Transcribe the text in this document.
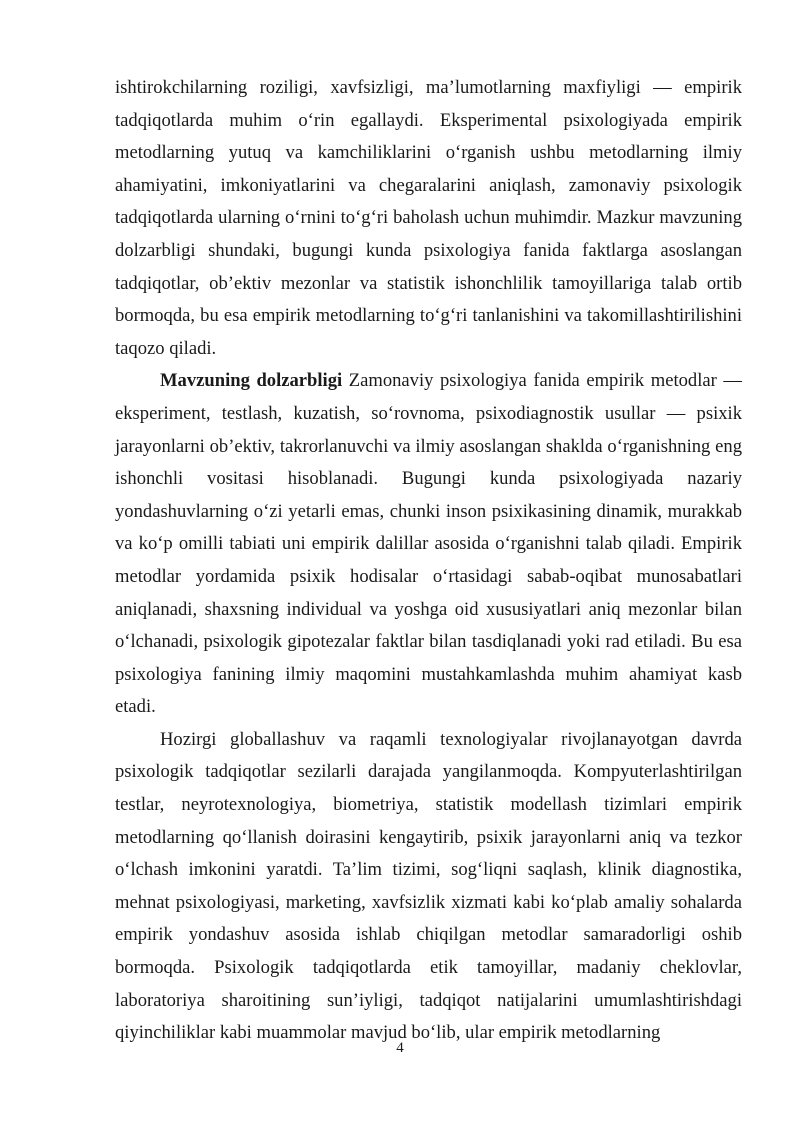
ishtirokchilarning roziligi, xavfsizligi, ma’lumotlarning maxfiyligi — empirik tadqiqotlarda muhim o‘rin egallaydi. Eksperimental psixologiyada empirik metodlarning yutuq va kamchiliklarini o‘rganish ushbu metodlarning ilmiy ahamiyatini, imkoniyatlarini va chegaralarini aniqlash, zamonaviy psixologik tadqiqotlarda ularning o‘rnini to‘g‘ri baholash uchun muhimdir. Mazkur mavzuning dolzarbligi shundaki, bugungi kunda psixologiya fanida faktlarga asoslangan tadqiqotlar, ob’ektiv mezonlar va statistik ishonchlilik tamoyillariga talab ortib bormoqda, bu esa empirik metodlarning to‘g‘ri tanlanishini va takomillashtirilishini taqozo qiladi.

Mavzuning dolzarbligi Zamonaviy psixologiya fanida empirik metodlar — eksperiment, testlash, kuzatish, so‘rovnoma, psixodiagnostik usullar — psixik jarayonlarni ob’ektiv, takrorlanuvchi va ilmiy asoslangan shaklda o‘rganishning eng ishonchli vositasi hisoblanadi. Bugungi kunda psixologiyada nazariy yondashuvlarning o‘zi yetarli emas, chunki inson psixikasining dinamik, murakkab va ko‘p omilli tabiati uni empirik dalillar asosida o‘rganishni talab qiladi. Empirik metodlar yordamida psixik hodisalar o‘rtasidagi sabab-oqibat munosabatlari aniqlanadi, shaxsning individual va yoshga oid xususiyatlari aniq mezonlar bilan o‘lchanadi, psixologik gipotezalar faktlar bilan tasdiqlanadi yoki rad etiladi. Bu esa psixologiya fanining ilmiy maqomini mustahkamlashda muhim ahamiyat kasb etadi.

Hozirgi globallashuv va raqamli texnologiyalar rivojlanayotgan davrda psixologik tadqiqotlar sezilarli darajada yangilanmoqda. Kompyuterlashtirilgan testlar, neyrotexnologiya, biometriya, statistik modellash tizimlari empirik metodlarning qo‘llanish doirasini kengaytirib, psixik jarayonlarni aniq va tezkor o‘lchash imkonini yaratdi. Ta’lim tizimi, sog‘liqni saqlash, klinik diagnostika, mehnat psixologiyasi, marketing, xavfsizlik xizmati kabi ko‘plab amaliy sohalarda empirik yondashuv asosida ishlab chiqilgan metodlar samaradorligi oshib bormoqda. Psixologik tadqiqotlarda etik tamoyillar, madaniy cheklovlar, laboratoriya sharoitining sun’iyligi, tadqiqot natijalarini umumlashtirishdagi qiyinchiliklar kabi muammolar mavjud bo‘lib, ular empirik metodlarning

4
